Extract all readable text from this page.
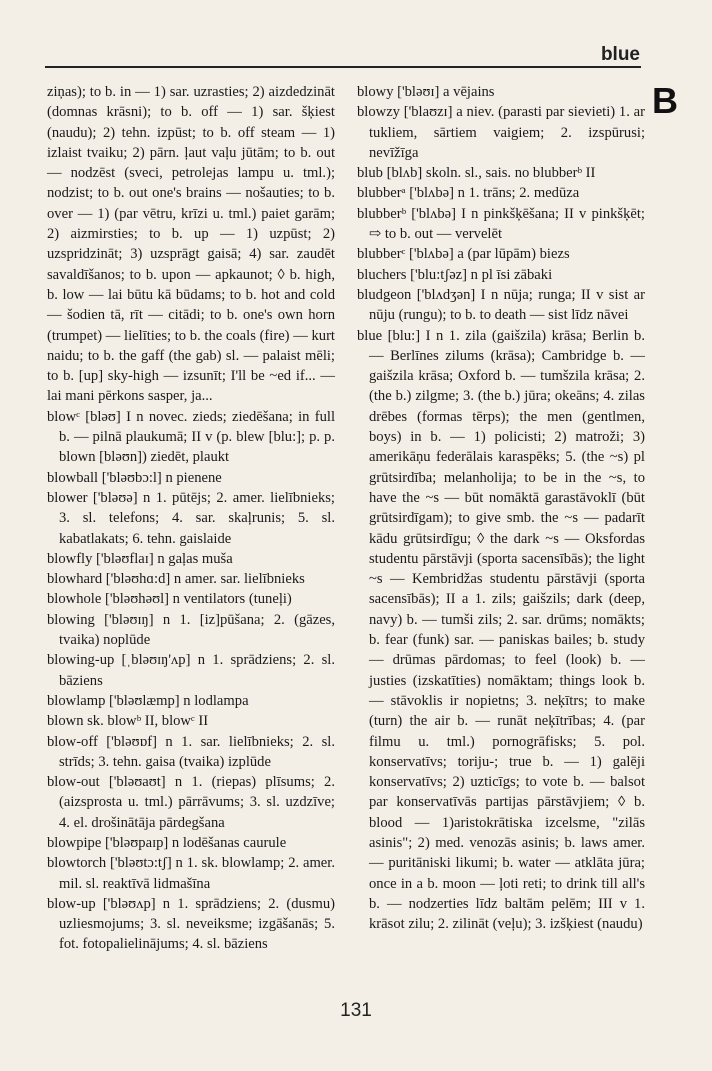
blue
B

ziņas); to b. in — 1) sar. uzrasties; 2) aizdedzināt (domnas krāsni); to b. off — 1) sar. šķiest (naudu); 2) tehn. izpūst; to b. off steam — 1) izlaist tvaiku; 2) pārn. ļaut vaļu jūtām; to b. out — nodzēst (sveci, petrolejas lampu u. tml.); nodzist; to b. out one's brains — nošauties; to b. over — 1) (par vētru, krīzi u. tml.) paiet garām; 2) aizmirsties; to b. up — 1) uzpūst; 2) uzspridzināt; 3) uzsprāgt gaisā; 4) sar. zaudēt savaldīšanos; to b. upon — apkaunot; ◊ b. high, b. low — lai būtu kā būdams; to b. hot and cold — šodien tā, rīt — citādi; to b. one's own horn (trumpet) — lielīties; to b. the coals (fire) — kurt naidu; to b. the gaff (the gab) sl. — palaist mēli; to b. [up] sky-high — izsunīt; I'll be ~ed if... — lai mani pērkons sasper, ja...

blowᶜ [bləʊ] I n novec. zieds; ziedēšana; in full b. — pilnā plaukumā; II v (p. blew [blu:]; p. p. blown [bləʊn]) ziedēt, plaukt

blowball ['bləʊbɔ:l] n pienene

blower ['bləʊə] n 1. pūtējs; 2. amer. lielībnieks; 3. sl. telefons; 4. sar. skaļrunis; 5. sl. kabatlakats; 6. tehn. gaislaide

blowfly ['bləʊflaɪ] n gaļas muša

blowhard ['bləʊhɑ:d] n amer. sar. lielībnieks

blowhole ['bləʊhəʊl] n ventilators (tuneļi)

blowing ['bləʊɪŋ] n 1. [iz]pūšana; 2. (gāzes, tvaika) noplūde

blowing-up [ˌbləʊɪŋ'ʌp] n 1. sprādziens; 2. sl. bāziens

blowlamp ['bləʊlæmp] n lodlampa

blown sk. blowᵇ II, blowᶜ II

blow-off ['bləʊɒf] n 1. sar. lielībnieks; 2. sl. strīds; 3. tehn. gaisa (tvaika) izplūde

blow-out ['bləʊaʊt] n 1. (riepas) plīsums; 2. (aizsprosta u. tml.) pārrāvums; 3. sl. uzdzīve; 4. el. drošinātāja pārdegšana

blowpipe ['bləʊpaɪp] n lodēšanas caurule

blowtorch ['bləʊtɔ:tʃ] n 1. sk. blowlamp; 2. amer. mil. sl. reaktīvā lidmašīna

blow-up ['bləʊʌp] n 1. sprādziens; 2. (dusmu) uzliesmojums; 3. sl. neveiksme; izgāšanās; 5. fot. fotopalielinājums; 4. sl. bāziens

blowy ['bləʊɪ] a vējains

blowzy ['blaʊzɪ] a niev. (parasti par sievieti) 1. ar tukliem, sārtiem vaigiem; 2. izspūrusi; nevīžīga

blub [blʌb] skoln. sl., sais. no blubberᵇ II

blubberᵃ ['blʌbə] n 1. trāns; 2. medūza

blubberᵇ ['blʌbə] I n pinkšķēšana; II v pinkšķēt; ⇨ to b. out — vervelēt

blubberᶜ ['blʌbə] a (par lūpām) biezs

bluchers ['blu:tʃəz] n pl īsi zābaki

bludgeon ['blʌdʒən] I n nūja; runga; II v sist ar nūju (rungu); to b. to death — sist līdz nāvei

blue [blu:] I n 1. zila (gaišzila) krāsa; Berlin b. — Berlīnes zilums (krāsa); Cambridge b. — gaišzila krāsa; Oxford b. — tumšzila krāsa; 2. (the b.) zilgme; 3. (the b.) jūra; okeāns; 4. zilas drēbes (formas tērps); the men (gentlmen, boys) in b. — 1) policisti; 2) matroži; 3) amerikāņu federālais karaspēks; 5. (the ~s) pl grūtsirdība; melanholija; to be in the ~s, to have the ~s — būt nomāktā garastāvoklī (būt grūtsirdīgam); to give smb. the ~s — padarīt kādu grūtsirdīgu; ◊ the dark ~s — Oksfordas studentu pārstāvji (sporta sacensībās); the light ~s — Kembridžas studentu pārstāvji (sporta sacensībās); II a 1. zils; gaišzils; dark (deep, navy) b. — tumši zils; 2. sar. drūms; nomākts; b. fear (funk) sar. — paniskas bailes; b. study — drūmas pārdomas; to feel (look) b. — justies (izskatīties) nomāktam; things look b. — stāvoklis ir nopietns; 3. neķītrs; to make (turn) the air b. — runāt neķītrības; 4. (par filmu u. tml.) pornogrāfisks; 5. pol. konservatīvs; toriju-; true b. — 1) galēji konservatīvs; 2) uzticīgs; to vote b. — balsot par konservatīvās partijas pārstāvjiem; ◊ b. blood — 1)aristokrātiska izcelsme, "zilās asinis"; 2) med. venozās asinis; b. laws amer. — puritāniski likumi; b. water — atklāta jūra; once in a b. moon — ļoti reti; to drink till all's b. — nodzerties līdz baltām pelēm; III v 1. krāsot zilu; 2. zilināt (veļu); 3. izšķiest (naudu)

131
